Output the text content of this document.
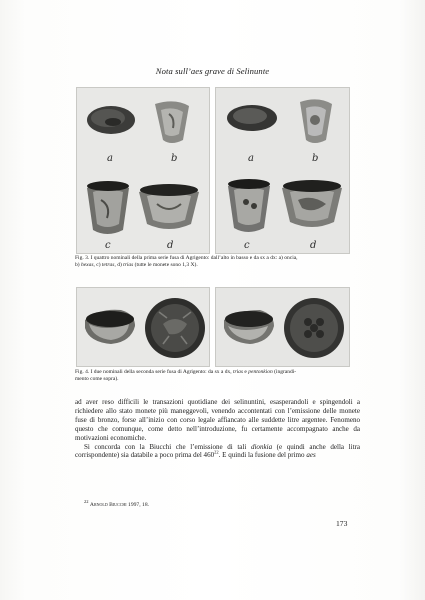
Nota sull’aes grave di Selinunte
a	b
c	d
a	b
c	d
Fig. 3. I quattro nominali della prima serie fusa di Agrigento: dall’alto in basso e da sx a dx: a) oncia,
b) hexas, c) tetras, d) trias (tutte le monete sono 1,3 X).
Fig. 4. I due nominali della seconda serie fusa di Agrigento: da sx a dx, trias e pentonkion (ingrandi-
mento come sopra).

ad aver reso difficili le transazioni quotidiane dei selinuntini, esasperandoli e spingendoli a richiedere allo stato monete più maneggevoli, venendo accontentati con l’emissione delle monete fuse di bronzo, forse all’inizio con corso legale affiancato alle suddette litre argentee. Fenomeno questo che comunque, come detto nell’introduzione, fu certamente accompagnato anche da motivazioni economiche.

Si concorda con la Biucchi che l’emissione di tali dionkia (e quindi anche della litra corrispondente) sia databile a poco prima del $460^{22}$. E quindi la fusione del primo aes

$^{22}$ Arnold Biucchi 1997, 18.
173
